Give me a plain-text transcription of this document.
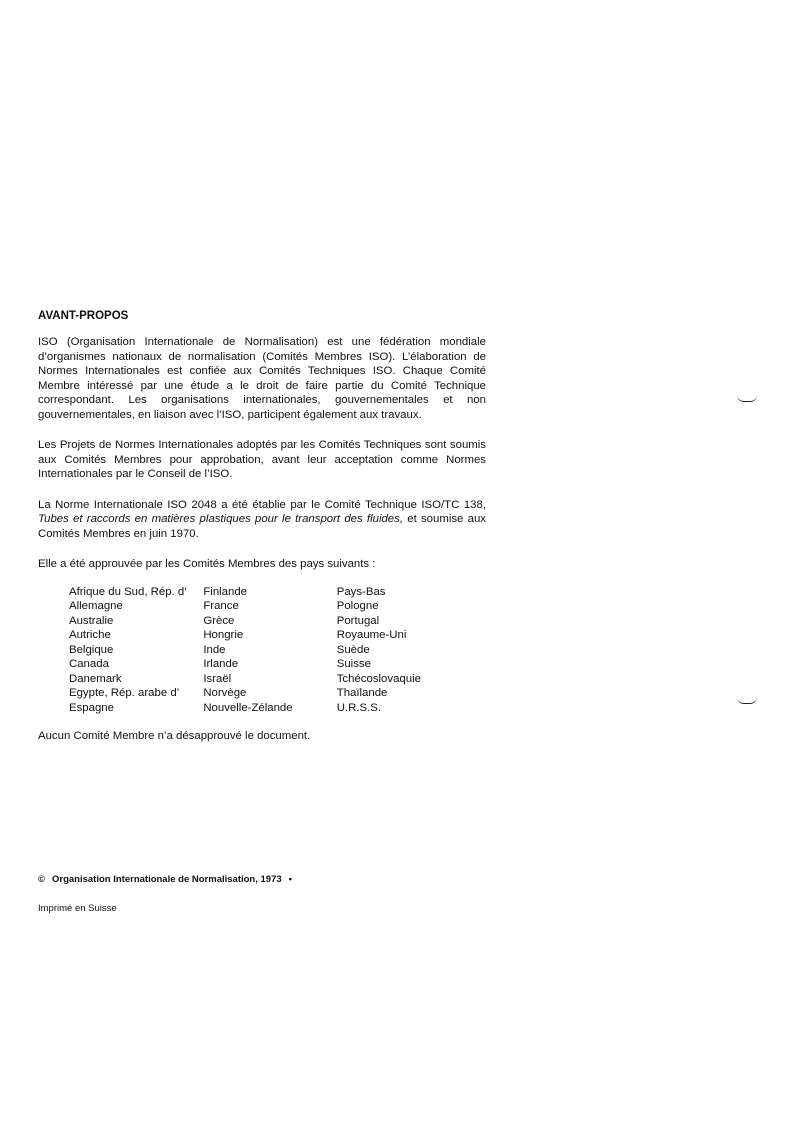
AVANT-PROPOS

ISO (Organisation Internationale de Normalisation) est une fédération mondiale d’organismes nationaux de normalisation (Comités Membres ISO). L’élaboration de Normes Internationales est confiée aux Comités Techniques ISO. Chaque Comité Membre intéressé par une étude a le droit de faire partie du Comité Technique correspondant. Les organisations internationales, gouvernementales et non gouvernementales, en liaison avec l’ISO, participent également aux travaux.

Les Projets de Normes Internationales adoptés par les Comités Techniques sont soumis aux Comités Membres pour approbation, avant leur acceptation comme Normes Internationales par le Conseil de l’ISO.

La Norme Internationale ISO 2048 a été établie par le Comité Technique ISO/TC 138, Tubes et raccords en matières plastiques pour le transport des fluides, et soumise aux Comités Membres en juin 1970.

Elle a été approuvée par les Comités Membres des pays suivants :

Afrique du Sud, Rép. d’
Allemagne
Australie
Autriche
Belgique
Canada
Danemark
Egypte, Rép. arabe d’
Espagne
Finlande
France
Grèce
Hongrie
Inde
Irlande
Israël
Norvège
Nouvelle-Zélande
Pays-Bas
Pologne
Portugal
Royaume-Uni
Suède
Suisse
Tchécoslovaquie
Thaïlande
U.R.S.S.

Aucun Comité Membre n’a désapprouvé le document.

© Organisation Internationale de Normalisation, 1973 •
Imprimé en Suisse
